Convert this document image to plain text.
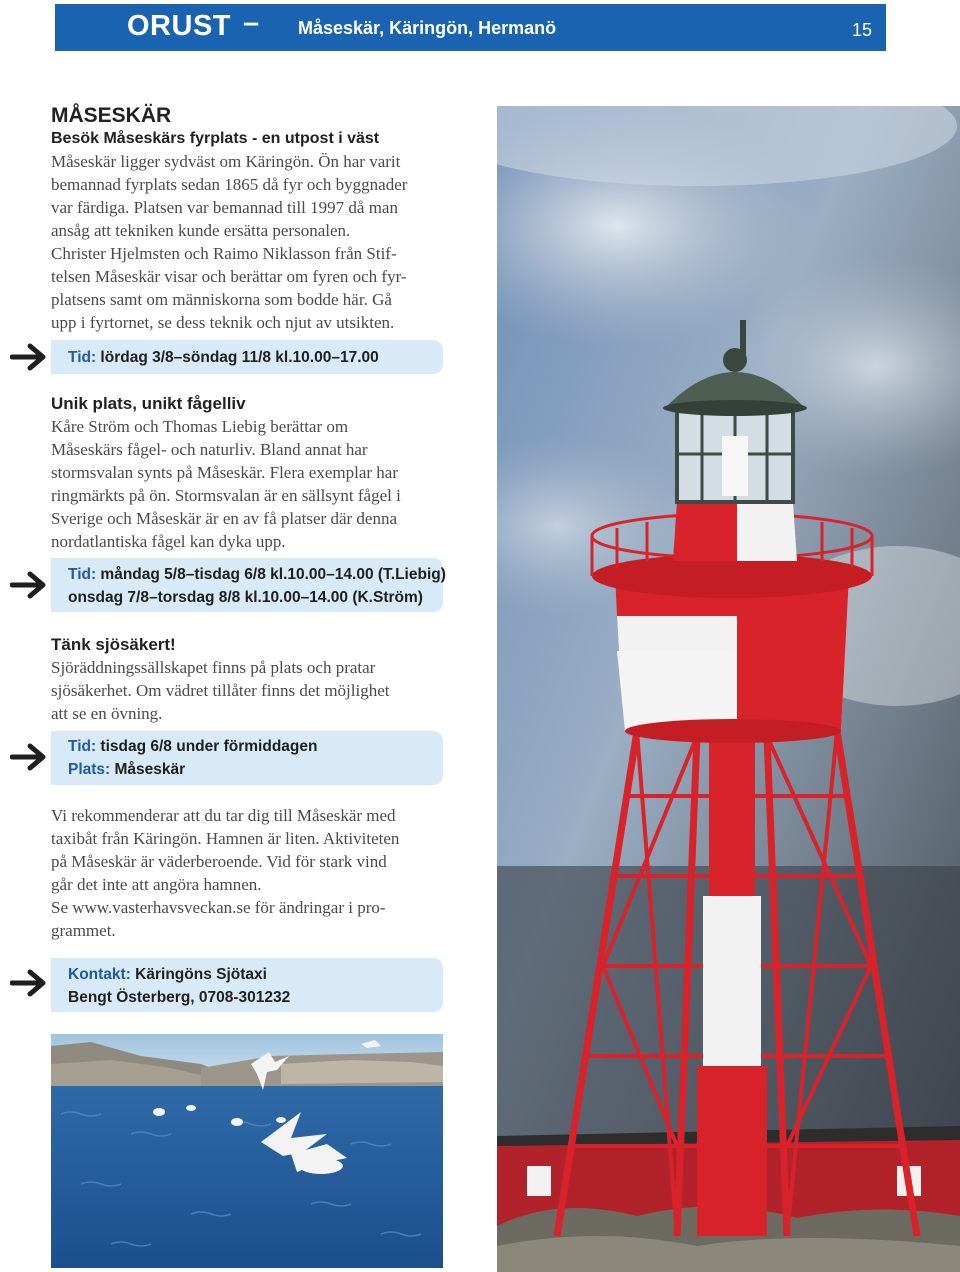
ORUST – Måseskär, Käringön, Hermanö	15
MÅSESKÄR
Besök Måseskärs fyrplats - en utpost i väst

Måseskär ligger sydväst om Käringön. Ön har varit
bemannad fyrplats sedan 1865 då fyr och byggnader
var färdiga. Platsen var bemannad till 1997 då man
ansåg att tekniken kunde ersätta personalen.
Christer Hjelmsten och Raimo Niklasson från Stif-
telsen Måseskär visar och berättar om fyren och fyr-
platsens samt om människorna som bodde här. Gå
upp i fyrtornet, se dess teknik och njut av utsikten.

Tid: lördag 3/8–söndag 11/8 kl.10.00–17.00
Unik plats, unikt fågelliv

Kåre Ström och Thomas Liebig berättar om
Måseskärs fågel- och naturliv. Bland annat har
stormsvalan synts på Måseskär. Flera exemplar har
ringmärkts på ön. Stormsvalan är en sällsynt fågel i
Sverige och Måseskär är en av få platser där denna
nordatlantiska fågel kan dyka upp.

Tid: måndag 5/8–tisdag 6/8 kl.10.00–14.00 (T.Liebig)
onsdag 7/8–torsdag 8/8 kl.10.00–14.00 (K.Ström)
Tänk sjösäkert!

Sjöräddningssällskapet finns på plats och pratar
sjösäkerhet. Om vädret tillåter finns det möjlighet
att se en övning.

Tid: tisdag 6/8 under förmiddagen
Plats: Måseskär

Vi rekommenderar att du tar dig till Måseskär med
taxibåt från Käringön. Hamnen är liten. Aktiviteten
på Måseskär är väderberoende. Vid för stark vind
går det inte att angöra hamnen.
Se www.vasterhavsveckan.se för ändringar i pro-
grammet.

Kontakt: Käringöns Sjötaxi
Bengt Österberg, 0708-301232
